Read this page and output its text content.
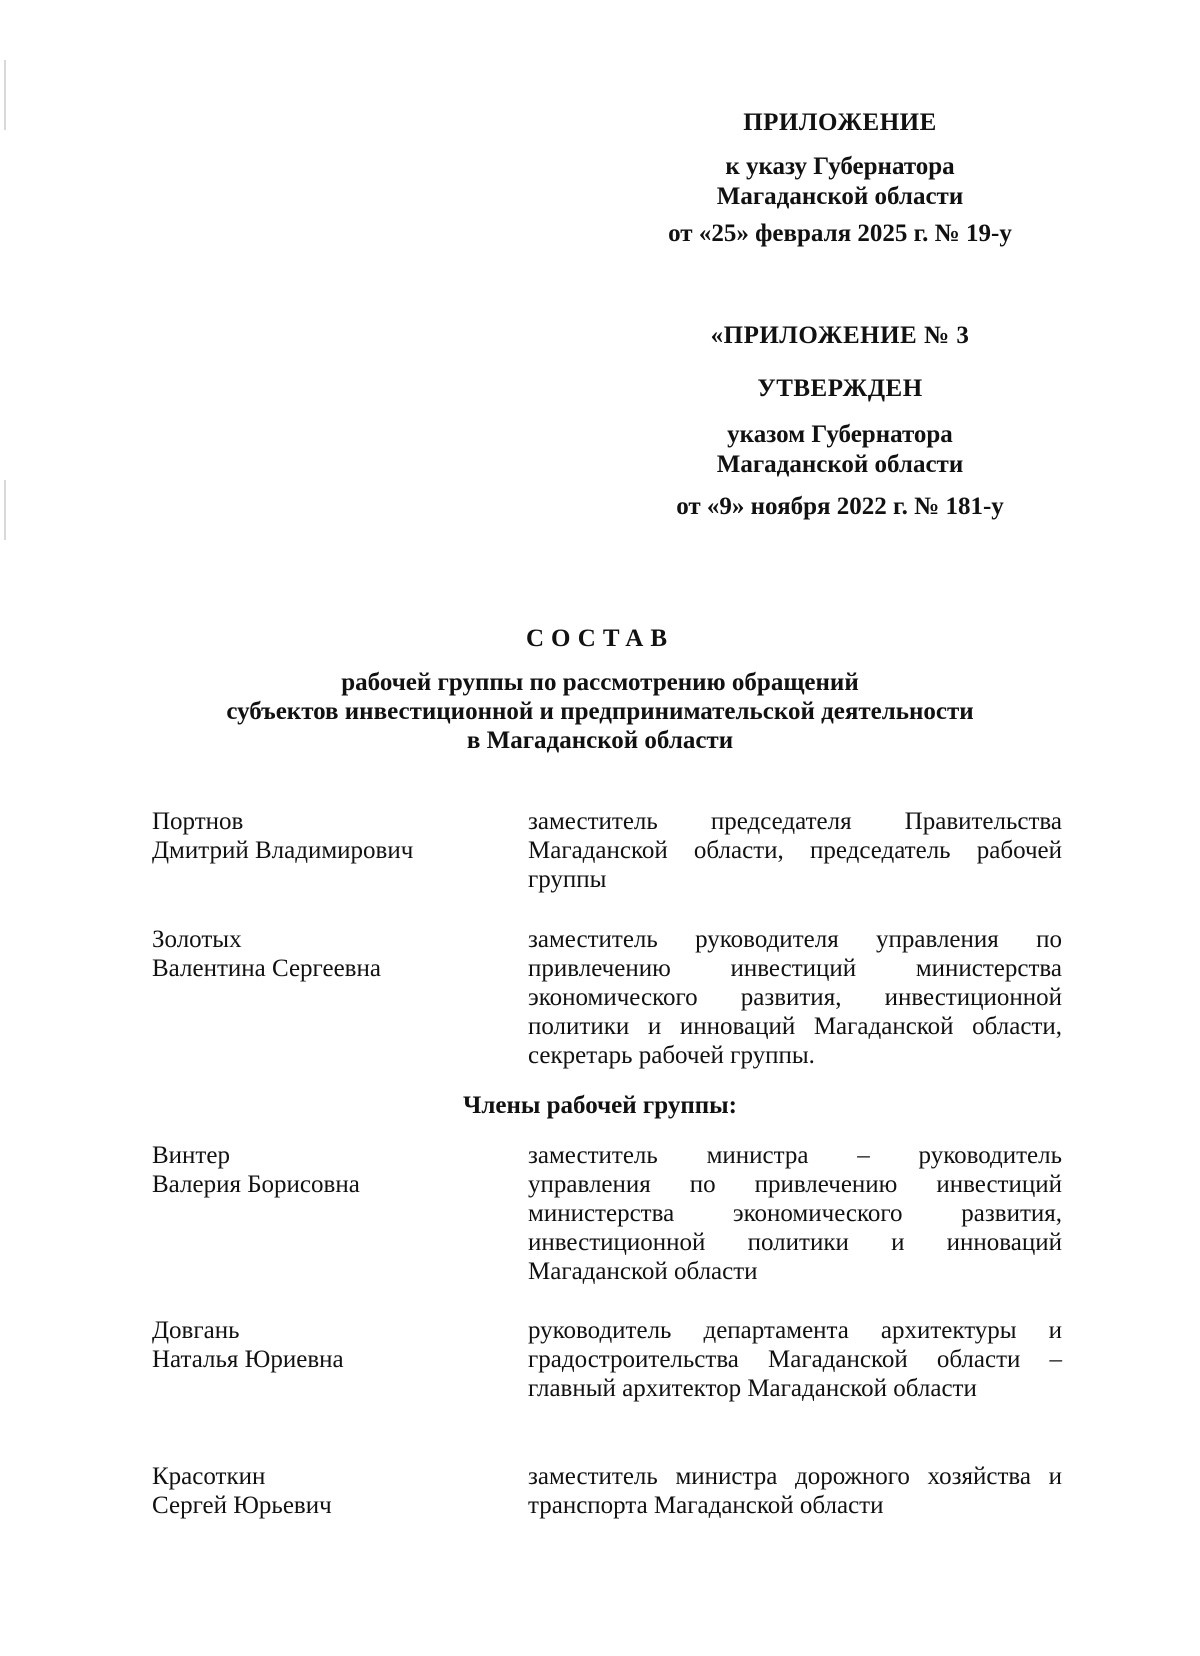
ПРИЛОЖЕНИЕ
к указу Губернатора
Магаданской области
от «25» февраля 2025 г. № 19-у
«ПРИЛОЖЕНИЕ № 3
УТВЕРЖДЕН
указом Губернатора
Магаданской области
от «9» ноября 2022 г. № 181-у
СОСТАВ
рабочей группы по рассмотрению обращений
субъектов инвестиционной и предпринимательской деятельности
в Магаданской области
Портнов
Дмитрий Владимирович
заместитель председателя Правительства Магаданской области, председатель рабочей группы
Золотых
Валентина Сергеевна
заместитель руководителя управления по привлечению инвестиций министерства экономического развития, инвестиционной политики и инноваций Магаданской области, секретарь рабочей группы.
Члены рабочей группы:
Винтер
Валерия Борисовна
заместитель министра – руководитель управления по привлечению инвестиций министерства экономического развития, инвестиционной политики и инноваций Магаданской области
Довгань
Наталья Юриевна
руководитель департамента архитектуры и градостроительства Магаданской области – главный архитектор Магаданской области
Красоткин
Сергей Юрьевич
заместитель министра дорожного хозяйства и транспорта Магаданской области
